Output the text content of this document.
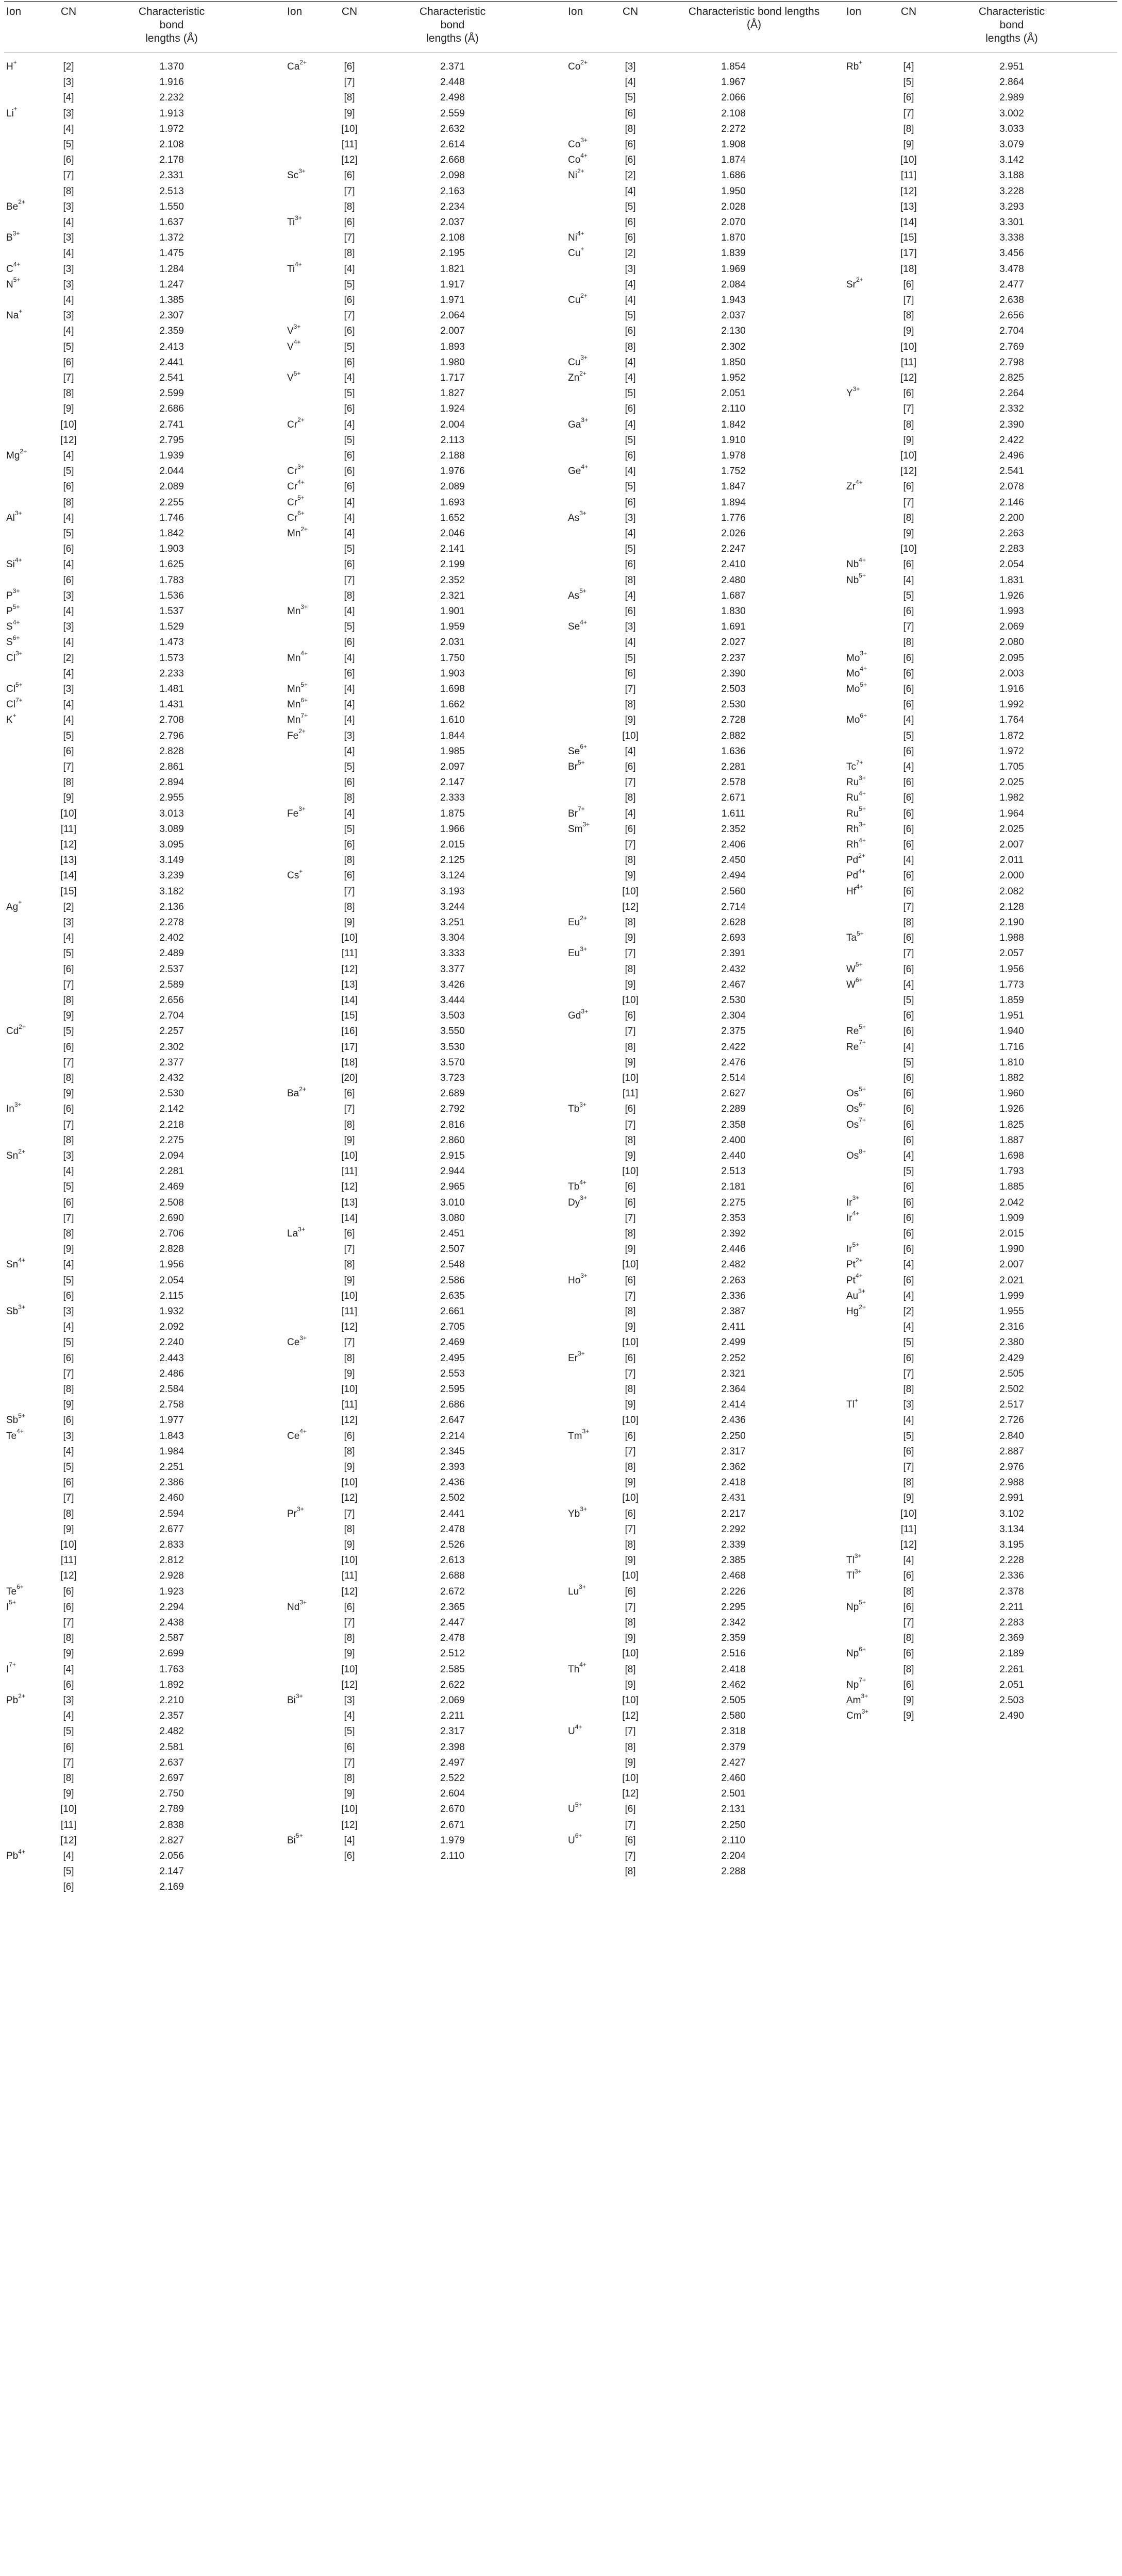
Ion	CN	Characteristic
bond
lengths (Å)
Ion	CN	Characteristic
bond
lengths (Å)
Ion	CN	Characteristic bond lengths (Å)
Ion	CN	Characteristic
bond
lengths (Å)
H+	[2]	1.370
[3]	1.916
[4]	2.232
Li+	[3]	1.913
[4]	1.972
[5]	2.108
[6]	2.178
[7]	2.331
[8]	2.513
$Be^{2+}$	[3]	1.550
[4]	1.637
$B^{3+}$	[3]	1.372
[4]	1.475
$C^{4+}$	[3]	1.284
$N^{5+}$	[3]	1.247
[4]	1.385
Na+	[3]	2.307
[4]	2.359
[5]	2.413
[6]	2.441
[7]	2.541
[8]	2.599
[9]	2.686
[10]	2.741
[12]	2.795
$Mg^{2+}$	[4]	1.939
[5]	2.044
[6]	2.089
[8]	2.255
$Al^{3+}$	[4]	1.746
[5]	1.842
[6]	1.903
$Si^{4+}$	[4]	1.625
[6]	1.783
$P^{3+}$	[3]	1.536
$P^{5+}$	[4]	1.537
$S^{4+}$	[3]	1.529
$S^{6+}$	[4]	1.473
$Cl^{3+}$	[2]	1.573
[4]	2.233
$Cl^{5+}$	[3]	1.481
$Cl^{7+}$	[4]	1.431
K+	[4]	2.708
[5]	2.796
[6]	2.828
[7]	2.861
[8]	2.894
[9]	2.955
[10]	3.013
[11]	3.089
[12]	3.095
[13]	3.149
[14]	3.239
[15]	3.182
Ag+	[2]	2.136
[3]	2.278
[4]	2.402
[5]	2.489
[6]	2.537
[7]	2.589
[8]	2.656
[9]	2.704
$Cd^{2+}$	[5]	2.257
[6]	2.302
[7]	2.377
[8]	2.432
[9]	2.530
$In^{3+}$	[6]	2.142
[7]	2.218
[8]	2.275
$Sn^{2+}$	[3]	2.094
[4]	2.281
[5]	2.469
[6]	2.508
[7]	2.690
[8]	2.706
[9]	2.828
$Sn^{4+}$	[4]	1.956
[5]	2.054
[6]	2.115
$Sb^{3+}$	[3]	1.932
[4]	2.092
[5]	2.240
[6]	2.443
[7]	2.486
[8]	2.584
[9]	2.758
$Sb^{5+}$	[6]	1.977
$Te^{4+}$	[3]	1.843
[4]	1.984
[5]	2.251
[6]	2.386
[7]	2.460
[8]	2.594
[9]	2.677
[10]	2.833
[11]	2.812
[12]	2.928
$Te^{6+}$	[6]	1.923
$I^{5+}$	[6]	2.294
[7]	2.438
[8]	2.587
[9]	2.699
$I^{7+}$	[4]	1.763
[6]	1.892
$Pb^{2+}$	[3]	2.210
[4]	2.357
[5]	2.482
[6]	2.581
[7]	2.637
[8]	2.697
[9]	2.750
[10]	2.789
[11]	2.838
[12]	2.827
$Pb^{4+}$	[4]	2.056
[5]	2.147
[6]	2.169
$Ca^{2+}$	[6]	2.371
[7]	2.448
[8]	2.498
[9]	2.559
[10]	2.632
[11]	2.614
[12]	2.668
$Sc^{3+}$	[6]	2.098
[7]	2.163
[8]	2.234
$Ti^{3+}$	[6]	2.037
[7]	2.108
[8]	2.195
$Ti^{4+}$	[4]	1.821
[5]	1.917
[6]	1.971
[7]	2.064
$V^{3+}$	[6]	2.007
$V^{4+}$	[5]	1.893
[6]	1.980
$V^{5+}$	[4]	1.717
[5]	1.827
[6]	1.924
$Cr^{2+}$	[4]	2.004
[5]	2.113
[6]	2.188
$Cr^{3+}$	[6]	1.976
$Cr^{4+}$	[6]	2.089
$Cr^{5+}$	[4]	1.693
$Cr^{6+}$	[4]	1.652
$Mn^{2+}$	[4]	2.046
[5]	2.141
[6]	2.199
[7]	2.352
[8]	2.321
$Mn^{3+}$	[4]	1.901
[5]	1.959
[6]	2.031
$Mn^{4+}$	[4]	1.750
[6]	1.903
$Mn^{5+}$	[4]	1.698
$Mn^{6+}$	[4]	1.662
$Mn^{7+}$	[4]	1.610
$Fe^{2+}$	[3]	1.844
[4]	1.985
[5]	2.097
[6]	2.147
[8]	2.333
$Fe^{3+}$	[4]	1.875
[5]	1.966
[6]	2.015
[8]	2.125
Cs+	[6]	3.124
[7]	3.193
[8]	3.244
[9]	3.251
[10]	3.304
[11]	3.333
[12]	3.377
[13]	3.426
[14]	3.444
[15]	3.503
[16]	3.550
[17]	3.530
[18]	3.570
[20]	3.723
$Ba^{2+}$	[6]	2.689
[7]	2.792
[8]	2.816
[9]	2.860
[10]	2.915
[11]	2.944
[12]	2.965
[13]	3.010
[14]	3.080
$La^{3+}$	[6]	2.451
[7]	2.507
[8]	2.548
[9]	2.586
[10]	2.635
[11]	2.661
[12]	2.705
$Ce^{3+}$	[7]	2.469
[8]	2.495
[9]	2.553
[10]	2.595
[11]	2.686
[12]	2.647
$Ce^{4+}$	[6]	2.214
[8]	2.345
[9]	2.393
[10]	2.436
[12]	2.502
$Pr^{3+}$	[7]	2.441
[8]	2.478
[9]	2.526
[10]	2.613
[11]	2.688
[12]	2.672
$Nd^{3+}$	[6]	2.365
[7]	2.447
[8]	2.478
[9]	2.512
[10]	2.585
[12]	2.622
$Bi^{3+}$	[3]	2.069
[4]	2.211
[5]	2.317
[6]	2.398
[7]	2.497
[8]	2.522
[9]	2.604
[10]	2.670
[12]	2.671
$Bi^{5+}$	[4]	1.979
[6]	2.110
$Co^{2+}$	[3]	1.854
[4]	1.967
[5]	2.066
[6]	2.108
[8]	2.272
$Co^{3+}$	[6]	1.908
$Co^{4+}$	[6]	1.874
$Ni^{2+}$	[2]	1.686
[4]	1.950
[5]	2.028
[6]	2.070
$Ni^{4+}$	[6]	1.870
Cu+	[2]	1.839
[3]	1.969
[4]	2.084
$Cu^{2+}$	[4]	1.943
[5]	2.037
[6]	2.130
[8]	2.302
$Cu^{3+}$	[4]	1.850
$Zn^{2+}$	[4]	1.952
[5]	2.051
[6]	2.110
$Ga^{3+}$	[4]	1.842
[5]	1.910
[6]	1.978
$Ge^{4+}$	[4]	1.752
[5]	1.847
[6]	1.894
$As^{3+}$	[3]	1.776
[4]	2.026
[5]	2.247
[6]	2.410
[8]	2.480
$As^{5+}$	[4]	1.687
[6]	1.830
$Se^{4+}$	[3]	1.691
[4]	2.027
[5]	2.237
[6]	2.390
[7]	2.503
[8]	2.530
[9]	2.728
[10]	2.882
$Se^{6+}$	[4]	1.636
$Br^{5+}$	[6]	2.281
[7]	2.578
[8]	2.671
$Br^{7+}$	[4]	1.611
$Sm^{3+}$	[6]	2.352
[7]	2.406
[8]	2.450
[9]	2.494
[10]	2.560
[12]	2.714
$Eu^{2+}$	[8]	2.628
[9]	2.693
$Eu^{3+}$	[7]	2.391
[8]	2.432
[9]	2.467
[10]	2.530
$Gd^{3+}$	[6]	2.304
[7]	2.375
[8]	2.422
[9]	2.476
[10]	2.514
[11]	2.627
$Tb^{3+}$	[6]	2.289
[7]	2.358
[8]	2.400
[9]	2.440
[10]	2.513
$Tb^{4+}$	[6]	2.181
$Dy^{3+}$	[6]	2.275
[7]	2.353
[8]	2.392
[9]	2.446
[10]	2.482
$Ho^{3+}$	[6]	2.263
[7]	2.336
[8]	2.387
[9]	2.411
[10]	2.499
$Er^{3+}$	[6]	2.252
[7]	2.321
[8]	2.364
[9]	2.414
[10]	2.436
$Tm^{3+}$	[6]	2.250
[7]	2.317
[8]	2.362
[9]	2.418
[10]	2.431
$Yb^{3+}$	[6]	2.217
[7]	2.292
[8]	2.339
[9]	2.385
[10]	2.468
$Lu^{3+}$	[6]	2.226
[7]	2.295
[8]	2.342
[9]	2.359
[10]	2.516
$Th^{4+}$	[8]	2.418
[9]	2.462
[10]	2.505
[12]	2.580
$U^{4+}$	[7]	2.318
[8]	2.379
[9]	2.427
[10]	2.460
[12]	2.501
$U^{5+}$	[6]	2.131
[7]	2.250
$U^{6+}$	[6]	2.110
[7]	2.204
[8]	2.288
Rb+	[4]	2.951
[5]	2.864
[6]	2.989
[7]	3.002
[8]	3.033
[9]	3.079
[10]	3.142
[11]	3.188
[12]	3.228
[13]	3.293
[14]	3.301
[15]	3.338
[17]	3.456
[18]	3.478
$Sr^{2+}$	[6]	2.477
[7]	2.638
[8]	2.656
[9]	2.704
[10]	2.769
[11]	2.798
[12]	2.825
$Y^{3+}$	[6]	2.264
[7]	2.332
[8]	2.390
[9]	2.422
[10]	2.496
[12]	2.541
$Zr^{4+}$	[6]	2.078
[7]	2.146
[8]	2.200
[9]	2.263
[10]	2.283
$Nb^{4+}$	[6]	2.054
$Nb^{5+}$	[4]	1.831
[5]	1.926
[6]	1.993
[7]	2.069
[8]	2.080
$Mo^{3+}$	[6]	2.095
$Mo^{4+}$	[6]	2.003
$Mo^{5+}$	[6]	1.916
[6]	1.992
$Mo^{6+}$	[4]	1.764
[5]	1.872
[6]	1.972
$Tc^{7+}$	[4]	1.705
$Ru^{3+}$	[6]	2.025
$Ru^{4+}$	[6]	1.982
$Ru^{5+}$	[6]	1.964
$Rh^{3+}$	[6]	2.025
$Rh^{4+}$	[6]	2.007
$Pd^{2+}$	[4]	2.011
$Pd^{4+}$	[6]	2.000
$Hf^{4+}$	[6]	2.082
[7]	2.128
[8]	2.190
$Ta^{5+}$	[6]	1.988
[7]	2.057
$W^{5+}$	[6]	1.956
$W^{6+}$	[4]	1.773
[5]	1.859
[6]	1.951
$Re^{5+}$	[6]	1.940
$Re^{7+}$	[4]	1.716
[5]	1.810
[6]	1.882
$Os^{5+}$	[6]	1.960
$Os^{6+}$	[6]	1.926
$Os^{7+}$	[6]	1.825
[6]	1.887
$Os^{8+}$	[4]	1.698
[5]	1.793
[6]	1.885
$Ir^{3+}$	[6]	2.042
$Ir^{4+}$	[6]	1.909
[6]	2.015
$Ir^{5+}$	[6]	1.990
$Pt^{2+}$	[4]	2.007
$Pt^{4+}$	[6]	2.021
$Au^{3+}$	[4]	1.999
$Hg^{2+}$	[2]	1.955
[4]	2.316
[5]	2.380
[6]	2.429
[7]	2.505
[8]	2.502
Tl+	[3]	2.517
[4]	2.726
[5]	2.840
[6]	2.887
[7]	2.976
[8]	2.988
[9]	2.991
[10]	3.102
[11]	3.134
[12]	3.195
$Tl^{3+}$	[4]	2.228
$Tl^{3+}$	[6]	2.336
[8]	2.378
$Np^{5+}$	[6]	2.211
[7]	2.283
[8]	2.369
$Np^{6+}$	[6]	2.189
[8]	2.261
$Np^{7+}$	[6]	2.051
$Am^{3+}$	[9]	2.503
$Cm^{3+}$	[9]	2.490
